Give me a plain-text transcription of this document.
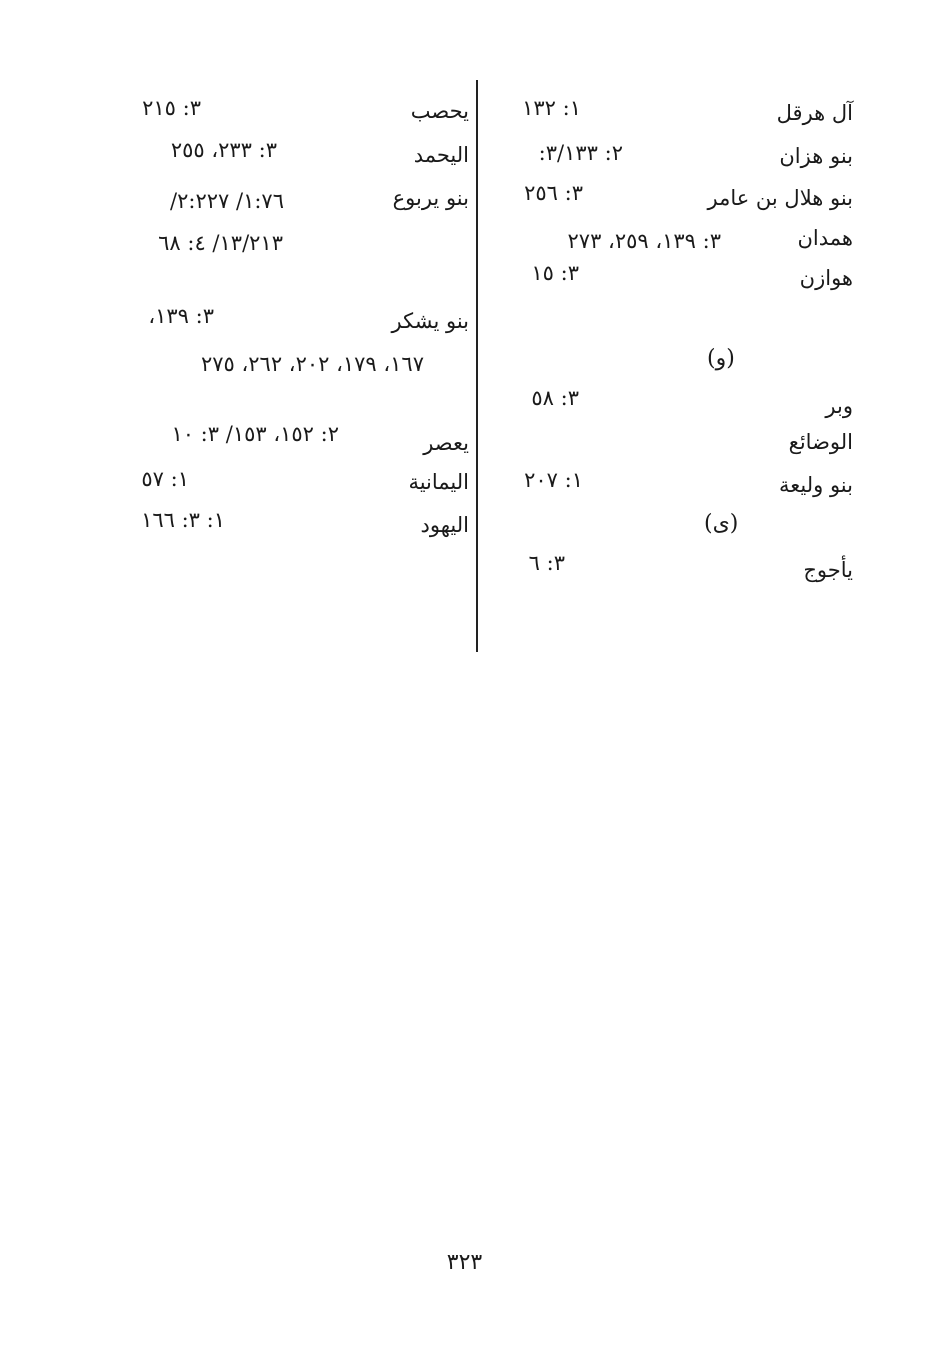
آل هرقل
١: ١٣٢
بنو هزان
٢: ٣/١٣٣:
بنو هلال بن عامر
٣: ٢٥٦
همدان
٣: ١٣٩، ٢٥٩، ٢٧٣
هوازن
٣: ١٥
(و)
وبر
٣: ٥٨
الوضائع
بنو وليعة
١: ٢٠٧
(ى)
يأجوج
٣: ٦
يحصب
٣: ٢١٥
اليحمد
٣: ٢٣٣، ٢٥٥
بنو يربوع
١:٧٦/ ٢:٢٢٧/
١٣/٢١٣/ ٤: ٦٨
بنو يشكر
٣: ١٣٩،
١٦٧، ١٧٩، ٢٠٢، ٢٦٢، ٢٧٥
يعصر
٢: ١٥٢، ١٥٣/ ٣: ١٠
اليمانية
١: ٥٧
اليهود
١: ٣: ١٦٦
٣٢٣
